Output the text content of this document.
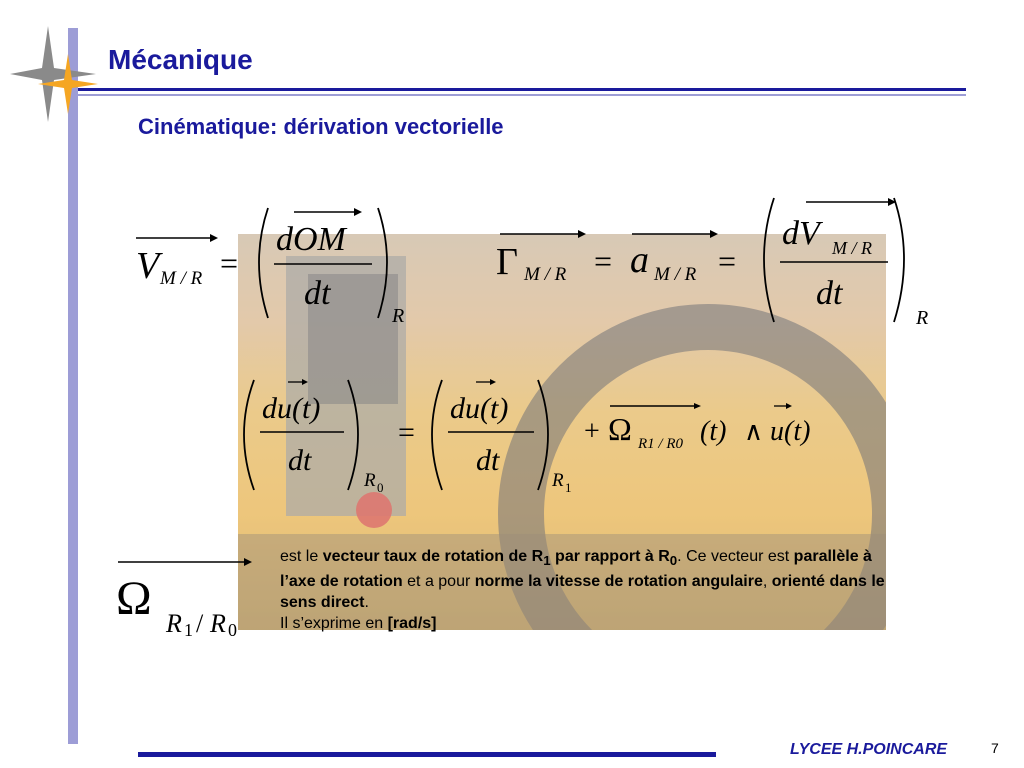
Mécanique
Cinématique: dérivation vectorielle
V M / R =
dOM
dt
R
Γ M / R = a M / R =
dV M / R
dt
R
du(t)
dt
R 0
=
du(t)
dt
R 1
+ Ω R1 / R0 (t) ∧ u(t)
Ω R 1 / R 0
est le vecteur taux de rotation de $R_1$ par rapport à $R_0$. Ce vecteur est parallèle à l’axe de rotation et a pour norme la vitesse de rotation angulaire, orienté dans le sens direct.
Il s’exprime en [rad/s]
LYCEE H.POINCARE	7
